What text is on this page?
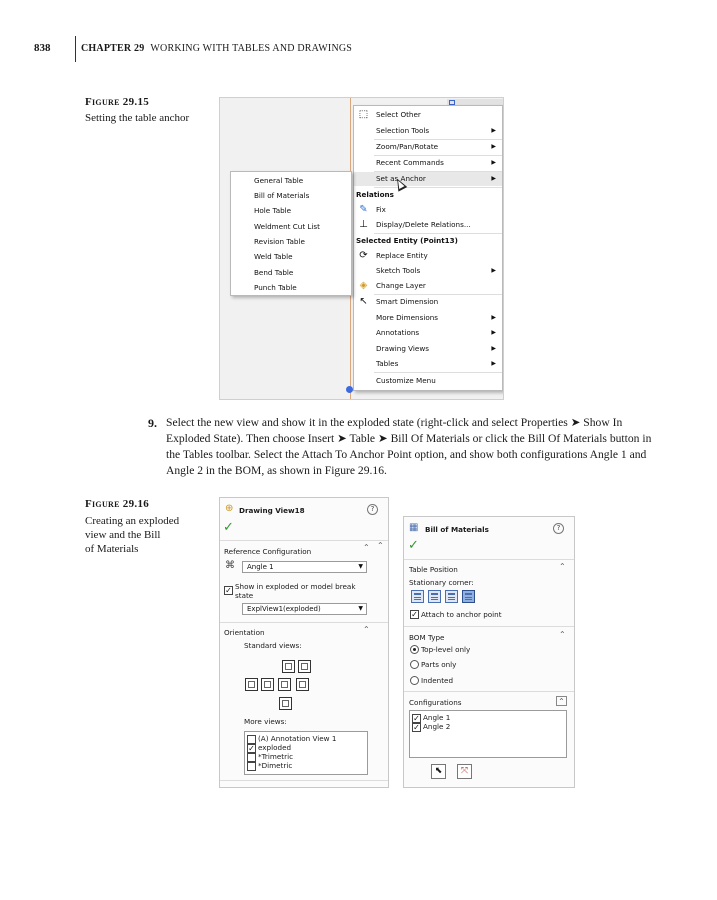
838	CHAPTER 29 WORKING WITH TABLES AND DRAWINGS
Figure 29.15
Setting the table anchor	⬚ Select Other
Selection Tools	▶
Zoom/Pan/Rotate	▶
Recent Commands	▶
Set as Anchor	▶
Relations
✎	Fix
⊥ Display/Delete Relations...
Selected Entity (Point13)
⟳	Replace Entity
Sketch Tools	▶
◈	Change Layer
↖	Smart Dimension
More Dimensions	▶
Annotations	▶
Drawing Views	▶
Tables	▶
Customize Menu
General Table
Bill of Materials
Hole Table
Weldment Cut List
Revision Table
Weld Table
Bend Table
Punch Table
9. Select the new view and show it in the exploded state (right-click and select Properties ➤ Show In Exploded State). Then choose Insert ➤ Table ➤ Bill Of Materials or click the Bill Of Materials button in the Tables toolbar. Select the Attach To Anchor Point option, and show both configurations Angle 1 and Angle 2 in the BOM, as shown in Figure 29.16.
Figure 29.16
Creating an exploded
view and the Bill
of Materials
⊕ Drawing View18	?
✓
Reference Configuration	⌃ ⌃
⌘	Angle 1	▼
✓ Show in exploded or model break
state
ExplView1(exploded)	▼
Orientation	⌃
Standard views:
More views:
(A) Annotation View 1
✓ exploded
*Trimetric
*Dimetric
▦ Bill of Materials	?
✓
Table Position	⌃
Stationary corner:
✓ Attach to anchor point
BOM Type	⌃
Top-level only
Parts only
Indented
Configurations	⌃
✓ Angle 1
✓ Angle 2
⬉	⤧
